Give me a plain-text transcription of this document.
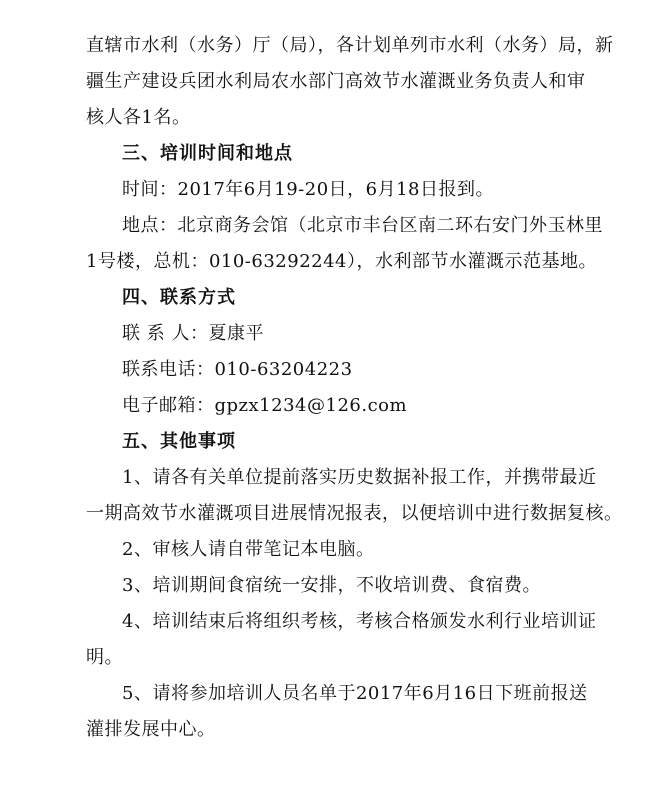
直辖市水利（水务）厅（局），各计划单列市水利（水务）局，新
疆生产建设兵团水利局农水部门高效节水灌溉业务负责人和审
核人各1名。
三、培训时间和地点
时间：2017年6月19-20日，6月18日报到。
地点：北京商务会馆（北京市丰台区南二环右安门外玉林里
1号楼，总机：010-63292244），水利部节水灌溉示范基地。
四、联系方式
联 系 人：夏康平
联系电话：010-63204223
电子邮箱：gpzx1234@126.com
五、其他事项
1、请各有关单位提前落实历史数据补报工作，并携带最近
一期高效节水灌溉项目进展情况报表，以便培训中进行数据复核。
2、审核人请自带笔记本电脑。
3、培训期间食宿统一安排，不收培训费、食宿费。
4、培训结束后将组织考核，考核合格颁发水利行业培训证
明。
5、请将参加培训人员名单于2017年6月16日下班前报送
灌排发展中心。
